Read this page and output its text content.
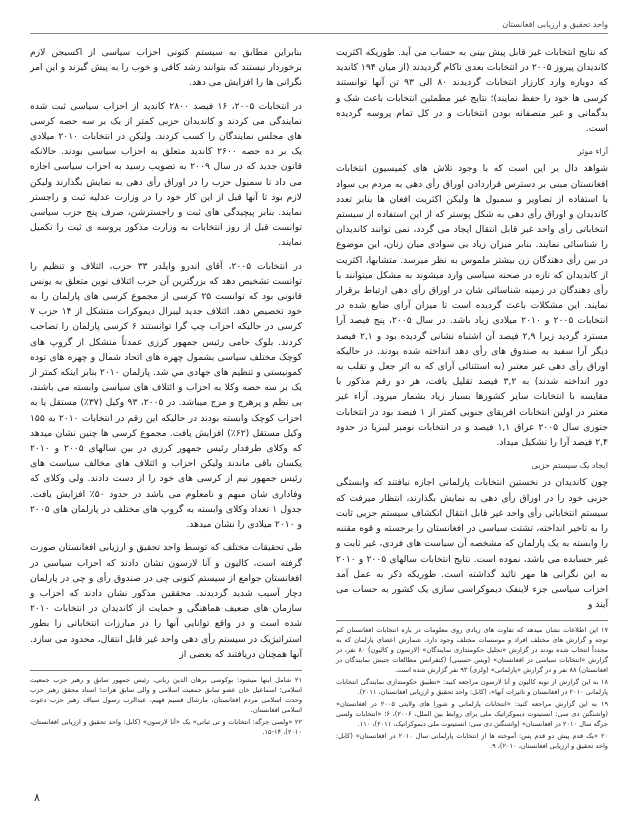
واحد تحقیق و ارزیابی افغانستان

که نتایج انتخابات غیر قابل پیش بینی به حساب می آید. طوریکه اکثریت کاندیدان پیروز ۲۰۰۵ در انتخابات بعدی ناکام گردیدند (از میان ۱۹۴ کاندید که دوباره وارد کارزار انتخابات گردیدند ۸۰ الی ۹۳ تن آنها توانستند کرسی ها خود را حفظ نمایند)؛ نتایج غیر مطمئین انتخابات باعث شک و بدگمانی و غیر منصفانه بودن انتخابات و در کل تمام پروسه گردیده است.

آراء موثر

شواهد دال بر این است که با وجود تلاش های کمیسیون انتخابات افغانستان مبنی بر دسترس قراردادن اوراق رأی دهی به مردم بی سواد با استفاده از تصاویر و سمبول ها ولیکن اکثریت افغان ها بنابر تعدد کاندیدان و اوراق رأی دهی به شکل پوستر که از این استفاده از سیستم انتخاباتی رأی واحد غیر قابل انتقال ایجاد می گردد، نمی توانند کاندیدان را شناسائی نمایند. بنابر میزان زیاد بی سوادی میان زنان، این موضوع در بین رأی دهندگان زن بیشتر ملموس به نظر میرسد. متشابها، اکثریت از کاندیدان که تازه در صحنه سیاسی وارد میشوند به مشکل میتوانند با رأی دهندگان در زمینه شناسائی شان در اوراق رأی دهی ارتباط برقرار نمایند. این مشکلات باعث گردیده است تا میزان آرای ضایع شده در انتخابات ۲۰۰۵ و ۲۰۱۰ میلادی زیاد باشد. در سال ۲۰۰۵، پنج فیصد آرا مسترد گردید زیرا ۲,۹ فیصد آن اشتباه نشانی گردیده بود و ۲,۱ فیصد دیگر آرا سفید به صندوق های رأی دهد انداخته شده بودند. در حالیکه اوراق رأی دهی غیر معتبر (به استثنائی آرای که به اثر جعل و تقلب به دور انداخته شدند) به ۳,۲ فیصد تقلیل یافت، هر دو رقم مذکور با مقایسه با انتخابات سایر کشورها بسیار زیاد بشمار میرود. آراء غیر معتبر در اولین انتخابات افریقای جنوبی کمتر از ۱ فیصد بود در انتخابات جنوری سال ۲۰۰۵ عراق ۱,۱ فیصد و در انتخابات نومبر لیبریا در حدود ۲,۴ فیصد آرا را تشکیل میداد.

ایجاد یک سیستم حزبی

چون کاندیدان در نخستین انتخابات پارلمانی اجازه نیافتند که وابستگی حزبی خود را در اوراق رأی دهی به نمایش بگذارند، انتظار میرفت که سیستم انتخاباتی رأی واحد غیر قابل انتقال انکشاف سیستم حزبی ثابت را به تاخیر انداخته، تشتت سیاسی در افغانستان را برجسته و قوه مقننه را وابسته به یک پارلمان که مشخصه آن سیاست های فردی، غیر ثابت و غیر حسابده می باشد، نموده است. نتایج انتخابات سالهای ۲۰۰۵ و ۲۰۱۰ به این نگرانی ها مهر تائید گذاشته است. طوریکه ذکر به عمل آمد احزاب سیاسی جزء لاینفک دیموکراسی سازی یک کشور به حساب می آیند و

۱۷ این اطلاعات نشان میدهد که تفاوت های زیادی روی معلومات در باره انتخابات افغانستان کم توجه و گزارش های مختلف افراد و موسسات مختلف وجود دارد. شمارش اعضای پارلمان که به مجدداً انتخاب شده بودند در گزارش «تحلیل حکومتداری نمایندگان» (لارسون و کالیون) ۸۰ نفر، در گزارش «انتخابات سیاسی در افغانستان» (ویس حسینی) (کنفرانس مطالعات جنبش نمایندگان در افغانستان) ۸۸ نفر و در گزارش «پارلمانی» (ولزی) ۹۳ نفر گزارش شده است.
۱۸ به این گزارش از نوبه کالیون و آنا لارسون مراجعه کنید: «تطبیق حکومتداری نمایندگی انتخابات پارلمانی ۲۰۱۰ در افغانستان و تاثیرات آنها»، (کابل: واحد تحقیق و ارزیابی افغانستان، ۲۰۱۱).
۱۹ به این گزارش مراجعه کنید: «انتخابات پارلمانی و شورا های ولایتی ۲۰۰۵ در افغانستان» (واشنگتن دی سی: انستیتوت دیموکراتیک ملی برای روابط بین الملل، ۲۰۰۶)، ۶؛ «انتخابات ولسی جرگه سال ۲۰۱۰ در افغانستان» (واشنگتن دی سی: انستیتوت ملی دیموکراتیک، ۲۰۱۱)، ۱۱۰.
۲۰ «یک قدم پیش دو قدم پس: آموخته ها از انتخابات پارلمانی سال ۲۰۱۰ در افغانستان» (کابل: واحد تحقیق و ارزیابی افغانستان، ۲۰۱۰)، ۹.

بنابراین مطابق به سیستم کنونی احزاب سیاسی از اکسیجن لازم برخوردار نیستند که بتوانند رشد کافی و خوب را به پیش گیرند و این امر نگرانی ها را افزایش می دهد.

در انتخابات ۲۰۰۵، ۱۶ فیصد ۲۸۰۰ کاندید از احزاب سیاسی ثبت شده نمایندگی می کردند و کاندیدان حزبی کمتر از یک بر سه حصه کرسی های مجلس نمایندگان را کسب کردند. ولیکن در انتخابات ۲۰۱۰ میلادی یک بر ده حصه ۲۶۰۰ کاندید متعلق به احزاب سیاسی بودند. حالانکه قانون جدید که در سال ۲۰۰۹ به تصویب رسید به احزاب سیاسی اجازه می داد تا سمبول حزب را در اوراق رأی دهی به نمایش بگذارند ولیکن لازم بود تا آنها قبل از این کار خود را در وزارت عدلیه ثبت و راجستر نمایند. بنابر پیچیدگی های ثبت و راجسترشن، صرف پنج حزب سیاسی توانست قبل از روز انتخابات به وزارت مذکور پروسه ی ثبت را تکمیل نمایند.

در انتخابات ۲۰۰۵، آقای اندرو وایلدر ۳۳ حزب، ائتلاف و تنظیم را توانست تشخیص دهد که بزرگترین آن حزب ائتلاف نوین متعلق به یونس قانونی بود که توانست ۲۵ کرسی از مجموع کرسی های پارلمان را به خود تخصیص دهد. ائتلاف جدید لیبرال دیموکرات متشکل از ۱۴ حزب ۷ کرسی در حالیکه احزاب چپ گرا توانستند ۶ کرسی پارلمان را تصاحب کردند. بلوک حامی رئیس جمهور کرزی عمدتاً متشکل از گروپ های کوچک مختلف سیاسی بشمول چهره های اتحاد شمال و چهره های توده کمونیستی و تنظیم های جهادی مي شد. پارلمان ۲۰۱۰ بنابر اینکه کمتر از یک بر سه حصه وکلا به احزاب و ائتلاف های سیاسی وابسته می باشند، بی نظم و پرهرج و مرج میباشد. در ۲۰۰۵، ۹۳ وکیل (۳۷٪) مستقل یا به احزاب کوچک وابسته بودند در حالیکه این رقم در انتخابات ۲۰۱۰ به ۱۵۵ وکیل مستقل (۶۲٪) افزایش یافت. مجموع کرسی ها چنین نشان میدهد که وکلای طرفدار رئیس جمهور کرزی در بین سالهای ۲۰۰۵ و ۲۰۱۰ یکسان باقی ماندند ولیکن احزاب و ائتلاف های مخالف سیاست های رئیس جمهور نیم از کرسی های خود را از دست دادند. ولی وکلای که وفاداری شان مبهم و نامعلوم می باشد در حدود ۵۰٪ افزایش یافت. جدول ۱ تعداد وکلای وابسته به گروپ های مختلف در پارلمان های ۲۰۰۵ و ۲۰۱۰ میلادی را نشان میدهد.

طی تحقیقات مختلف که توسط واحد تحقیق و ارزیابی افغانستان صورت گرفته است، کالیون و آنا لارسون نشان دادند که احزاب سیاسی در افغانستان جوامع از سیستم کنونی چی در صندوق رأی و چی در پارلمان دچار آسیب شدید گردیدند. محققین مذکور نشان دادند که احزاب و سازمان های ضعیف هماهنگی و حمایت از کاندیدان در انتخابات ۲۰۱۰ شده است و در واقع توانایی آنها را در مبارزات انتخاباتی را بطور استراتیژیک در سیستم رأی دهی واحد غیر قابل انتقال، محدود می سازد. آنها همچنان دریافتند که بعضی از

۲۱ شامل اینها میشود: بوکوسی برهان الدین ربانی، رئیس جمهور سابق و رهبر حزب جمعیت اسلامی؛ اسماعیل خان عضو سابق جمعیت اسلامی و والی سابق هرات؛ استاد محقق رهبر حزب وحدت اسلامی مردم افغانستان، مارشال قسیم فهیم، عبدالرب رسول سیاف رهبر حزب دعوت اسلامی افغانستان.
۲۲ «ولسی جرگه: انتخابات و تی ثباتی» یک «آنا لارسون» (کابل: واحد تحقیق و ارزیابی افغانستان، ۲۰۱۰)، ۱۴-۱۵.
۸
